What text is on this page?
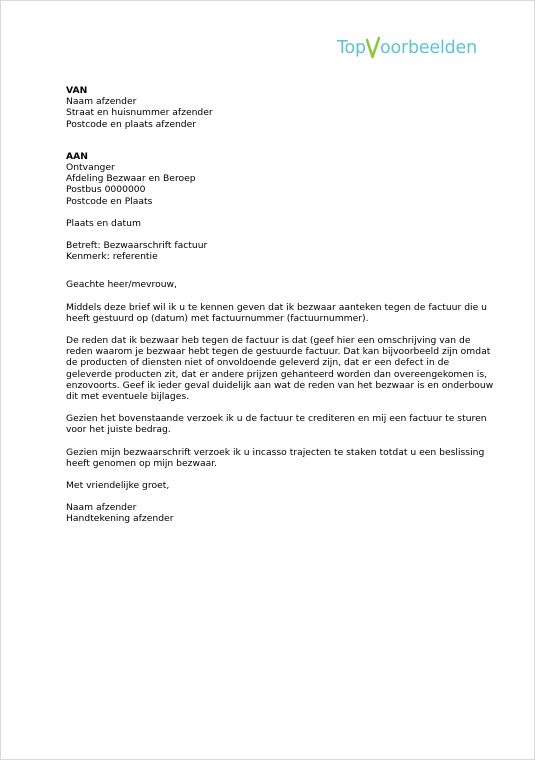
Top oorbeelden
VAN
Naam afzender
Straat en huisnummer afzender
Postcode en plaats afzender
AAN
Ontvanger
Afdeling Bezwaar en Beroep
Postbus 0000000
Postcode en Plaats
Plaats en datum
Betreft: Bezwaarschrift factuur
Kenmerk: referentie
Geachte heer/mevrouw,
Middels deze brief wil ik u te kennen geven dat ik bezwaar aanteken tegen de factuur die u heeft gestuurd op (datum) met factuurnummer (factuurnummer).
De reden dat ik bezwaar heb tegen de factuur is dat (geef hier een omschrijving van de reden waarom je bezwaar hebt tegen de gestuurde factuur. Dat kan bijvoorbeeld zijn omdat de producten of diensten niet of onvoldoende geleverd zijn, dat er een defect in de geleverde producten zit, dat er andere prijzen gehanteerd worden dan overeengekomen is, enzovoorts. Geef ik ieder geval duidelijk aan wat de reden van het bezwaar is en onderbouw dit met eventuele bijlages.
Gezien het bovenstaande verzoek ik u de factuur te crediteren en mij een factuur te sturen voor het juiste bedrag.
Gezien mijn bezwaarschrift verzoek ik u incasso trajecten te staken totdat u een beslissing heeft genomen op mijn bezwaar.
Met vriendelijke groet,
Naam afzender
Handtekening afzender
